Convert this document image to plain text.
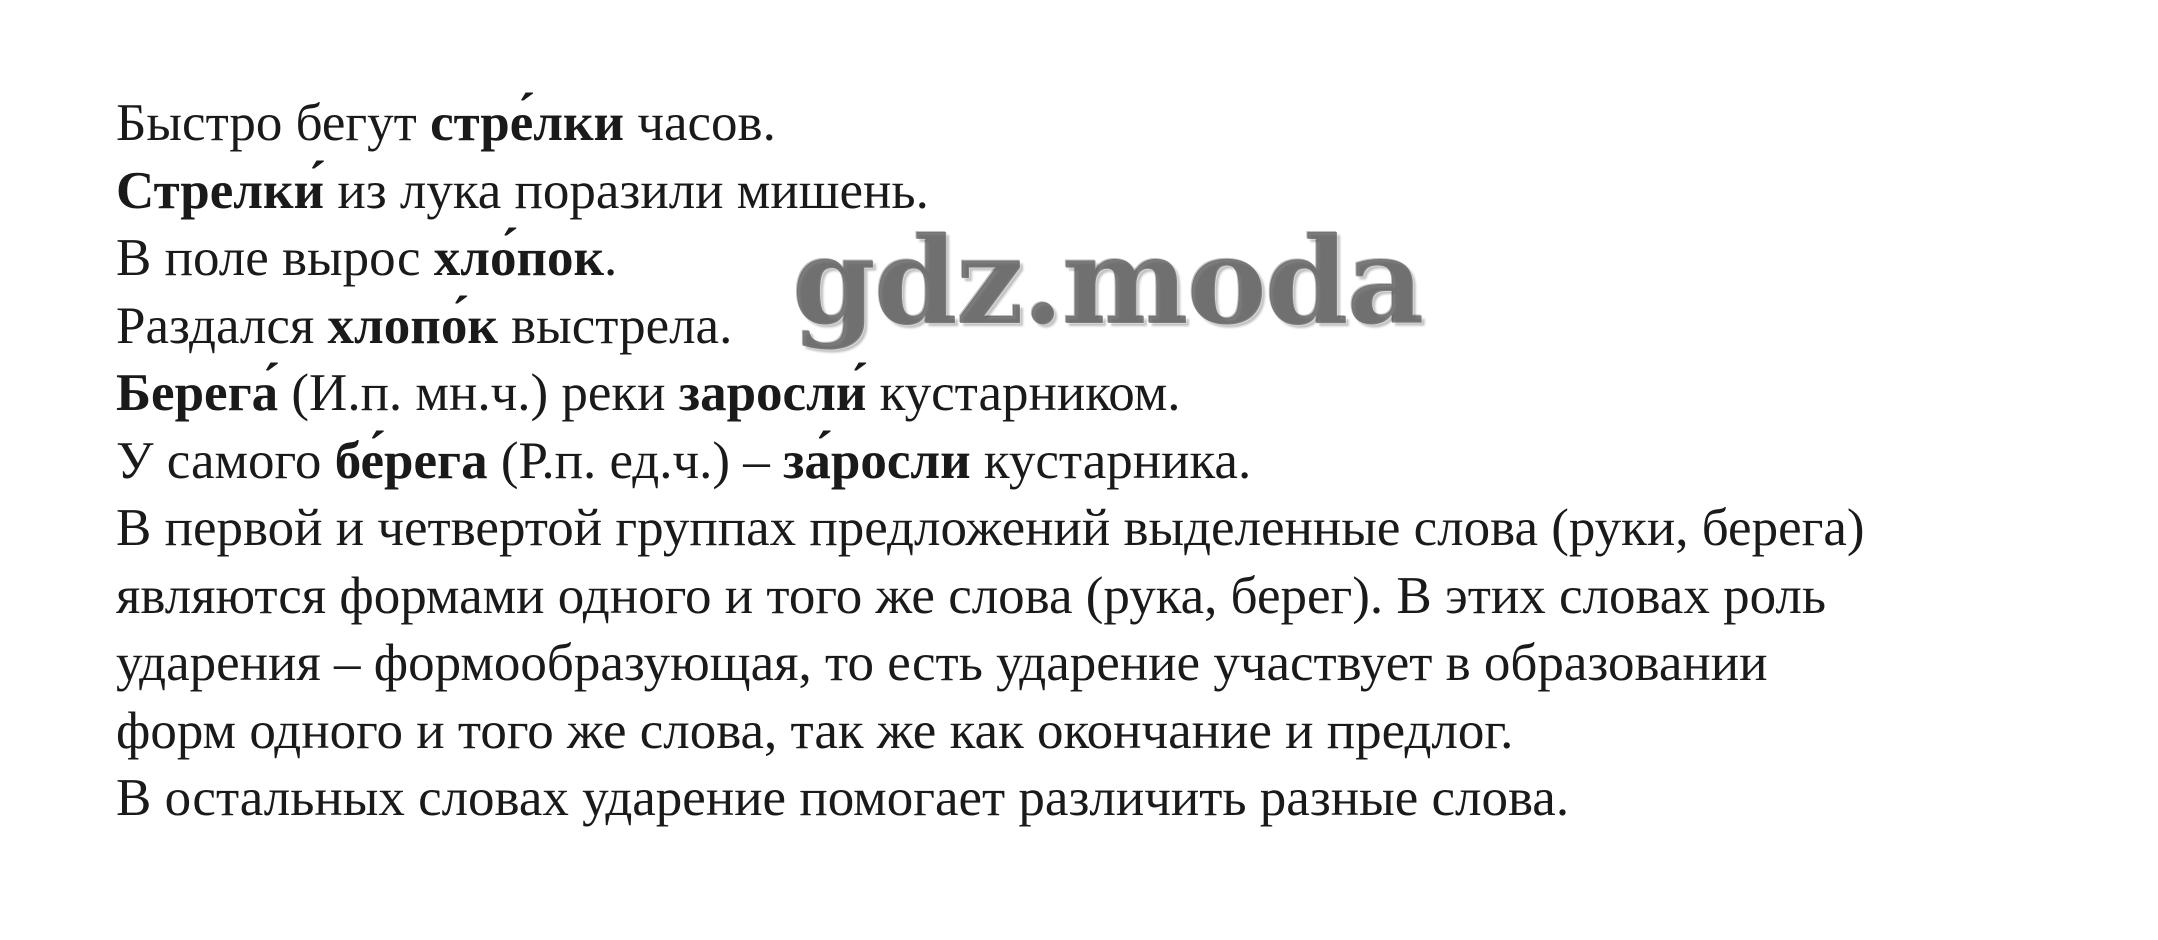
Быстро бегут стре́лки часов.

Стрелки́ из лука поразили мишень.

В поле вырос хло́пок.

Раздался хлопо́к выстрела.

Берега́ (И.п. мн.ч.) реки заросли́ кустарником.

У самого бе́рега (Р.п. ед.ч.) – за́росли кустарника.

В первой и четвертой группах предложений выделенные слова (руки, берега)

являются формами одного и того же слова (рука, берег). В этих словах роль

ударения – формообразующая, то есть ударение участвует в образовании

форм одного и того же слова, так же как окончание и предлог.

В остальных словах ударение помогает различить разные слова.

gdz.moda
